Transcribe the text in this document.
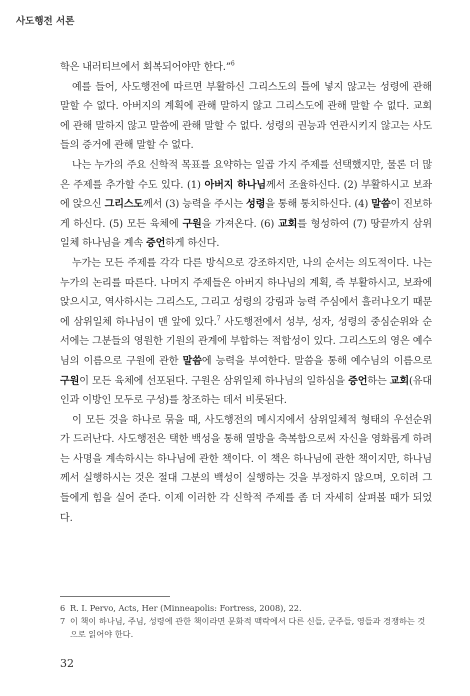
사도행전 서론

학은 내러티브에서 회복되어야만 한다.”$^6$

예를 들어, 사도행전에 따르면 부활하신 그리스도의 틀에 넣지 않고는 성령에 관해 말할 수 없다. 아버지의 계획에 관해 말하지 않고 그리스도에 관해 말할 수 없다. 교회에 관해 말하지 않고 말씀에 관해 말할 수 없다. 성령의 권능과 연관시키지 않고는 사도들의 증거에 관해 말할 수 없다.

나는 누가의 주요 신학적 목표를 요약하는 일곱 가지 주제를 선택했지만, 물론 더 많은 주제를 추가할 수도 있다. (1) 아버지 하나님께서 조율하신다. (2) 부활하시고 보좌에 앉으신 그리스도께서 (3) 능력을 주시는 성령을 통해 통치하신다. (4) 말씀이 진보하게 하신다. (5) 모든 육체에 구원을 가져온다. (6) 교회를 형성하여 (7) 땅끝까지 삼위일체 하나님을 계속 증언하게 하신다.

누가는 모든 주제를 각각 다른 방식으로 강조하지만, 나의 순서는 의도적이다. 나는 누가의 논리를 따른다. 나머지 주제들은 아버지 하나님의 계획, 즉 부활하시고, 보좌에 앉으시고, 역사하시는 그리스도, 그리고 성령의 강림과 능력 주심에서 흘러나오기 때문에 삼위일체 하나님이 맨 앞에 있다.$^7$ 사도행전에서 성부, 성자, 성령의 중심순위와 순서에는 그분들의 영원한 기원의 관계에 부합하는 적합성이 있다. 그리스도의 영은 예수님의 이름으로 구원에 관한 말씀에 능력을 부여한다. 말씀을 통해 예수님의 이름으로 구원이 모든 육체에 선포된다. 구원은 삼위일체 하나님의 일하심을 증언하는 교회(유대인과 이방인 모두로 구성)를 창조하는 데서 비롯된다.

이 모든 것을 하나로 묶을 때, 사도행전의 메시지에서 삼위일체적 형태의 우선순위가 드러난다. 사도행전은 택한 백성을 통해 열방을 축복함으로써 자신을 영화롭게 하려는 사명을 계속하시는 하나님에 관한 책이다. 이 책은 하나님에 관한 책이지만, 하나님께서 실행하시는 것은 절대 그분의 백성이 실행하는 것을 부정하지 않으며, 오히려 그들에게 힘을 실어 준다. 이제 이러한 각 신학적 주제를 좀 더 자세히 살펴볼 때가 되었다.

6 R. I. Pervo, Acts, Her (Minneapolis: Fortress, 2008), 22.
7 이 책이 하나님, 주님, 성령에 관한 책이라면 문화적 맥락에서 다른 신들, 군주들, 영들과 경쟁하는 것으로 읽어야 한다.
32
